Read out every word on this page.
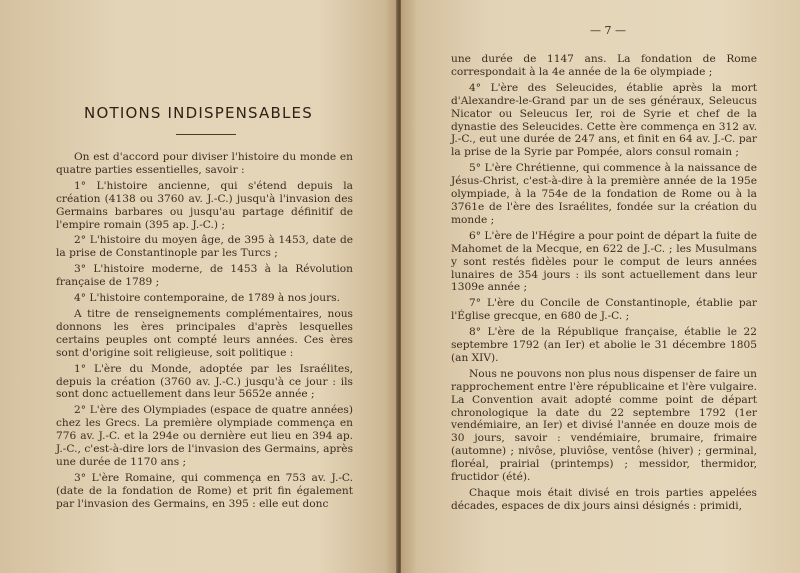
NOTIONS INDISPENSABLES

On est d'accord pour diviser l'histoire du monde en quatre parties essentielles, savoir :

1° L'histoire ancienne, qui s'étend depuis la création (4138 ou 3760 av. J.-C.) jusqu'à l'invasion des Germains barbares ou jusqu'au partage définitif de l'empire romain (395 ap. J.-C.) ;

2° L'histoire du moyen âge, de 395 à 1453, date de la prise de Constantinople par les Turcs ;

3° L'histoire moderne, de 1453 à la Révolution française de 1789 ;

4° L'histoire contemporaine, de 1789 à nos jours.

A titre de renseignements complémentaires, nous donnons les ères principales d'après lesquelles certains peuples ont compté leurs années. Ces ères sont d'origine soit religieuse, soit politique :

1° L'ère du Monde, adoptée par les Israélites, depuis la création (3760 av. J.-C.) jusqu'à ce jour : ils sont donc actuellement dans leur 5652e année ;

2° L'ère des Olympiades (espace de quatre années) chez les Grecs. La première olympiade commença en 776 av. J.-C. et la 294e ou dernière eut lieu en 394 ap. J.-C., c'est-à-dire lors de l'invasion des Germains, après une durée de 1170 ans ;

3° L'ère Romaine, qui commença en 753 av. J.-C. (date de la fondation de Rome) et prit fin également par l'invasion des Germains, en 395 : elle eut donc

une durée de 1147 ans. La fondation de Rome correspondait à la 4e année de la 6e olympiade ;

4° L'ère des Seleucides, établie après la mort d'Alexandre-le-Grand par un de ses généraux, Seleucus Nicator ou Seleucus Ier, roi de Syrie et chef de la dynastie des Seleucides. Cette ère commença en 312 av. J.-C., eut une durée de 247 ans, et finit en 64 av. J.-C. par la prise de la Syrie par Pompée, alors consul romain ;

5° L'ère Chrétienne, qui commence à la naissance de Jésus-Christ, c'est-à-dire à la première année de la 195e olympiade, à la 754e de la fondation de Rome ou à la 3761e de l'ère des Israélites, fondée sur la création du monde ;

6° L'ère de l'Hégire a pour point de départ la fuite de Mahomet de la Mecque, en 622 de J.-C. ; les Musulmans y sont restés fidèles pour le comput de leurs années lunaires de 354 jours : ils sont actuellement dans leur 1309e année ;

7° L'ère du Concile de Constantinople, établie par l'Église grecque, en 680 de J.-C. ;

8° L'ère de la République française, établie le 22 septembre 1792 (an Ier) et abolie le 31 décembre 1805 (an XIV).

Nous ne pouvons non plus nous dispenser de faire un rapprochement entre l'ère républicaine et l'ère vulgaire. La Convention avait adopté comme point de départ chronologique la date du 22 septembre 1792 (1er vendémiaire, an Ier) et divisé l'année en douze mois de 30 jours, savoir : vendémiaire, brumaire, frimaire (automne) ; nivôse, pluviôse, ventôse (hiver) ; germinal, floréal, prairial (printemps) ; messidor, thermidor, fructidor (été).

Chaque mois était divisé en trois parties appelées décades, espaces de dix jours ainsi désignés : primidi,

— 7 —
